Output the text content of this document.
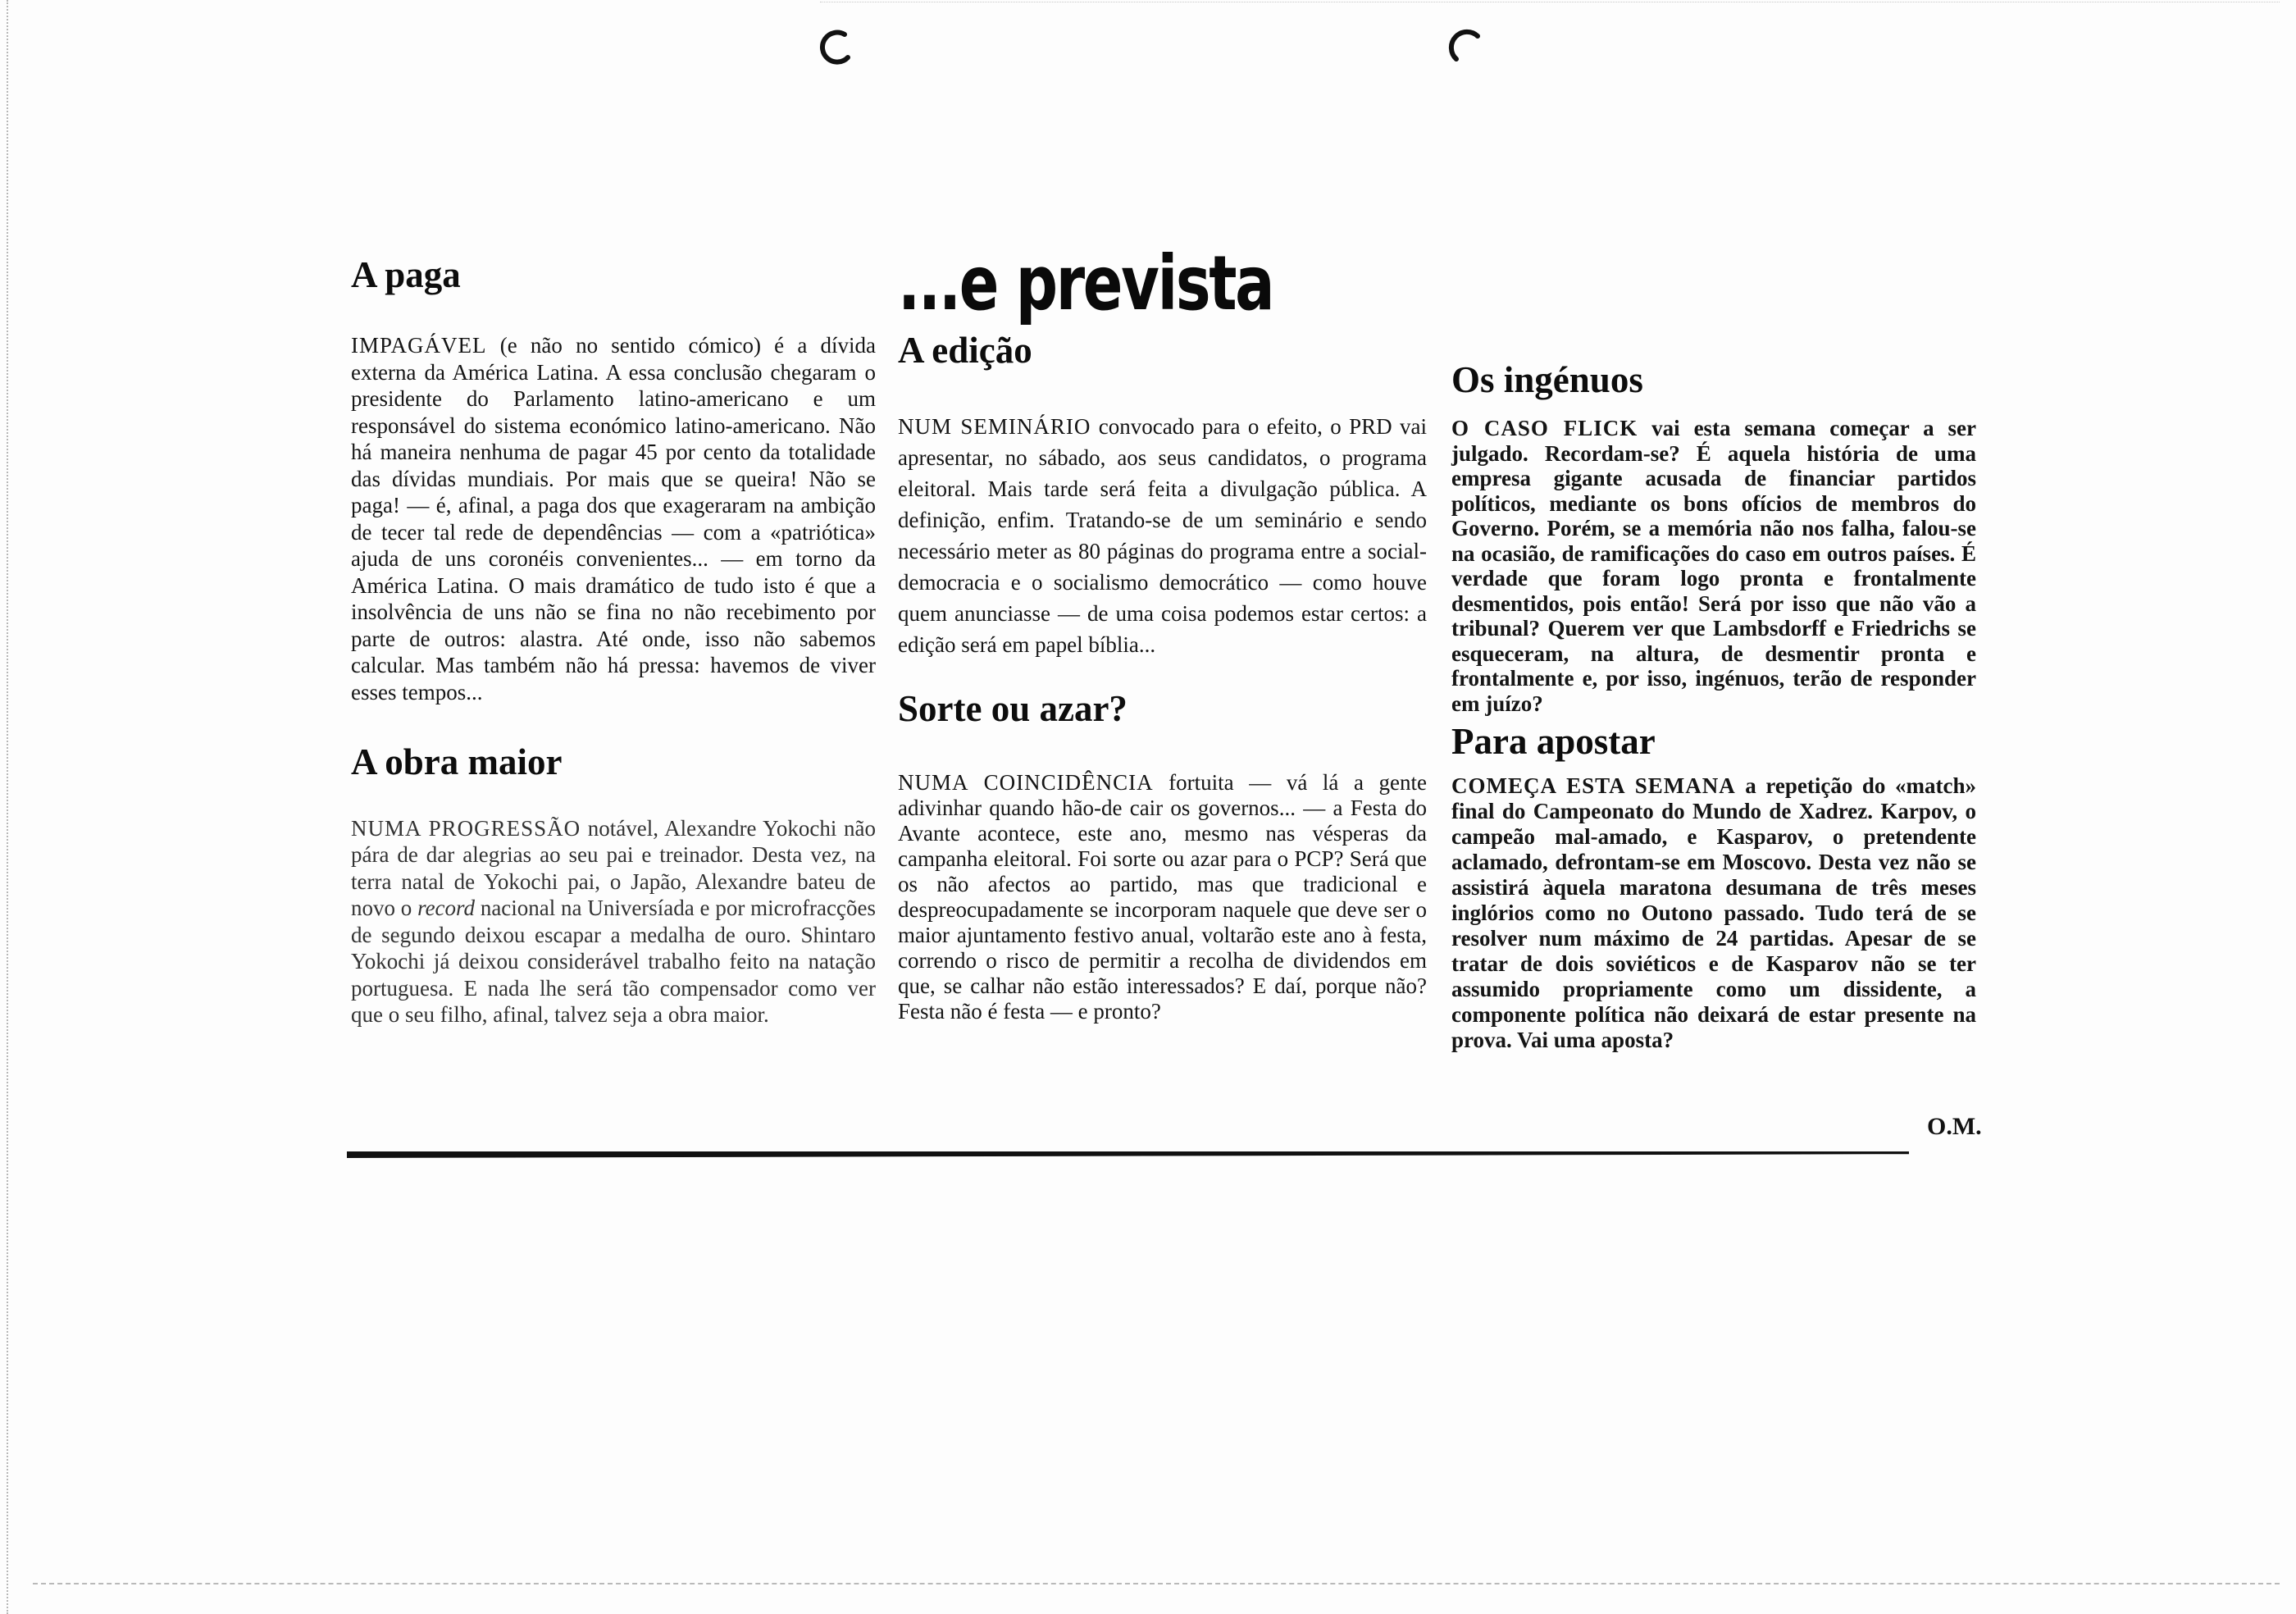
A paga

IMPAGÁVEL (e não no sentido cómico) é a dívida externa da América Latina. A essa conclusão chegaram o presidente do Parlamento latino-americano e um responsável do sistema económico latino-americano. Não há maneira nenhuma de pagar 45 por cento da totalidade das dívidas mundiais. Por mais que se queira! Não se paga! — é, afinal, a paga dos que exageraram na ambição de tecer tal rede de dependências — com a «patriótica» ajuda de uns coronéis convenientes... — em torno da América Latina. O mais dramático de tudo isto é que a insolvência de uns não se fina no não recebimento por parte de outros: alastra. Até onde, isso não sabemos calcular. Mas também não há pressa: havemos de viver esses tempos...

A obra maior

NUMA PROGRESSÃO notável, Alexandre Yokochi não pára de dar alegrias ao seu pai e treinador. Desta vez, na terra natal de Yokochi pai, o Japão, Alexandre bateu de novo o record nacional na Universíada e por microfracções de segundo deixou escapar a medalha de ouro. Shintaro Yokochi já deixou considerável trabalho feito na natação portuguesa. E nada lhe será tão compensador como ver que o seu filho, afinal, talvez seja a obra maior.

...e prevista
A edição

NUM SEMINÁRIO convocado para o efeito, o PRD vai apresentar, no sábado, aos seus candidatos, o programa eleitoral. Mais tarde será feita a divulgação pública. A definição, enfim. Tratando-se de um seminário e sendo necessário meter as 80 páginas do programa entre a social-democracia e o socialismo democrático — como houve quem anunciasse — de uma coisa podemos estar certos: a edição será em papel bíblia...

Sorte ou azar?

NUMA COINCIDÊNCIA fortuita — vá lá a gente adivinhar quando hão-de cair os governos... — a Festa do Avante acontece, este ano, mesmo nas vésperas da campanha eleitoral. Foi sorte ou azar para o PCP? Será que os não afectos ao partido, mas que tradicional e despreocupadamente se incorporam naquele que deve ser o maior ajuntamento festivo anual, voltarão este ano à festa, correndo o risco de permitir a recolha de dividendos em que, se calhar não estão interessados? E daí, porque não? Festa não é festa — e pronto?

Os ingénuos

O CASO FLICK vai esta semana começar a ser julgado. Recordam-se? É aquela história de uma empresa gigante acusada de financiar partidos políticos, mediante os bons ofícios de membros do Governo. Porém, se a memória não nos falha, falou-se na ocasião, de ramificações do caso em outros países. É verdade que foram logo pronta e frontalmente desmentidos, pois então! Será por isso que não vão a tribunal? Querem ver que Lambsdorff e Friedrichs se esqueceram, na altura, de desmentir pronta e frontalmente e, por isso, ingénuos, terão de responder em juízo?

Para apostar

COMEÇA ESTA SEMANA a repetição do «match» final do Campeonato do Mundo de Xadrez. Karpov, o campeão mal-amado, e Kasparov, o pretendente aclamado, defrontam-se em Moscovo. Desta vez não se assistirá àquela maratona desumana de três meses inglórios como no Outono passado. Tudo terá de se resolver num máximo de 24 partidas. Apesar de se tratar de dois soviéticos e de Kasparov não se ter assumido propriamente como um dissidente, a componente política não deixará de estar presente na prova. Vai uma aposta?

O.M.
